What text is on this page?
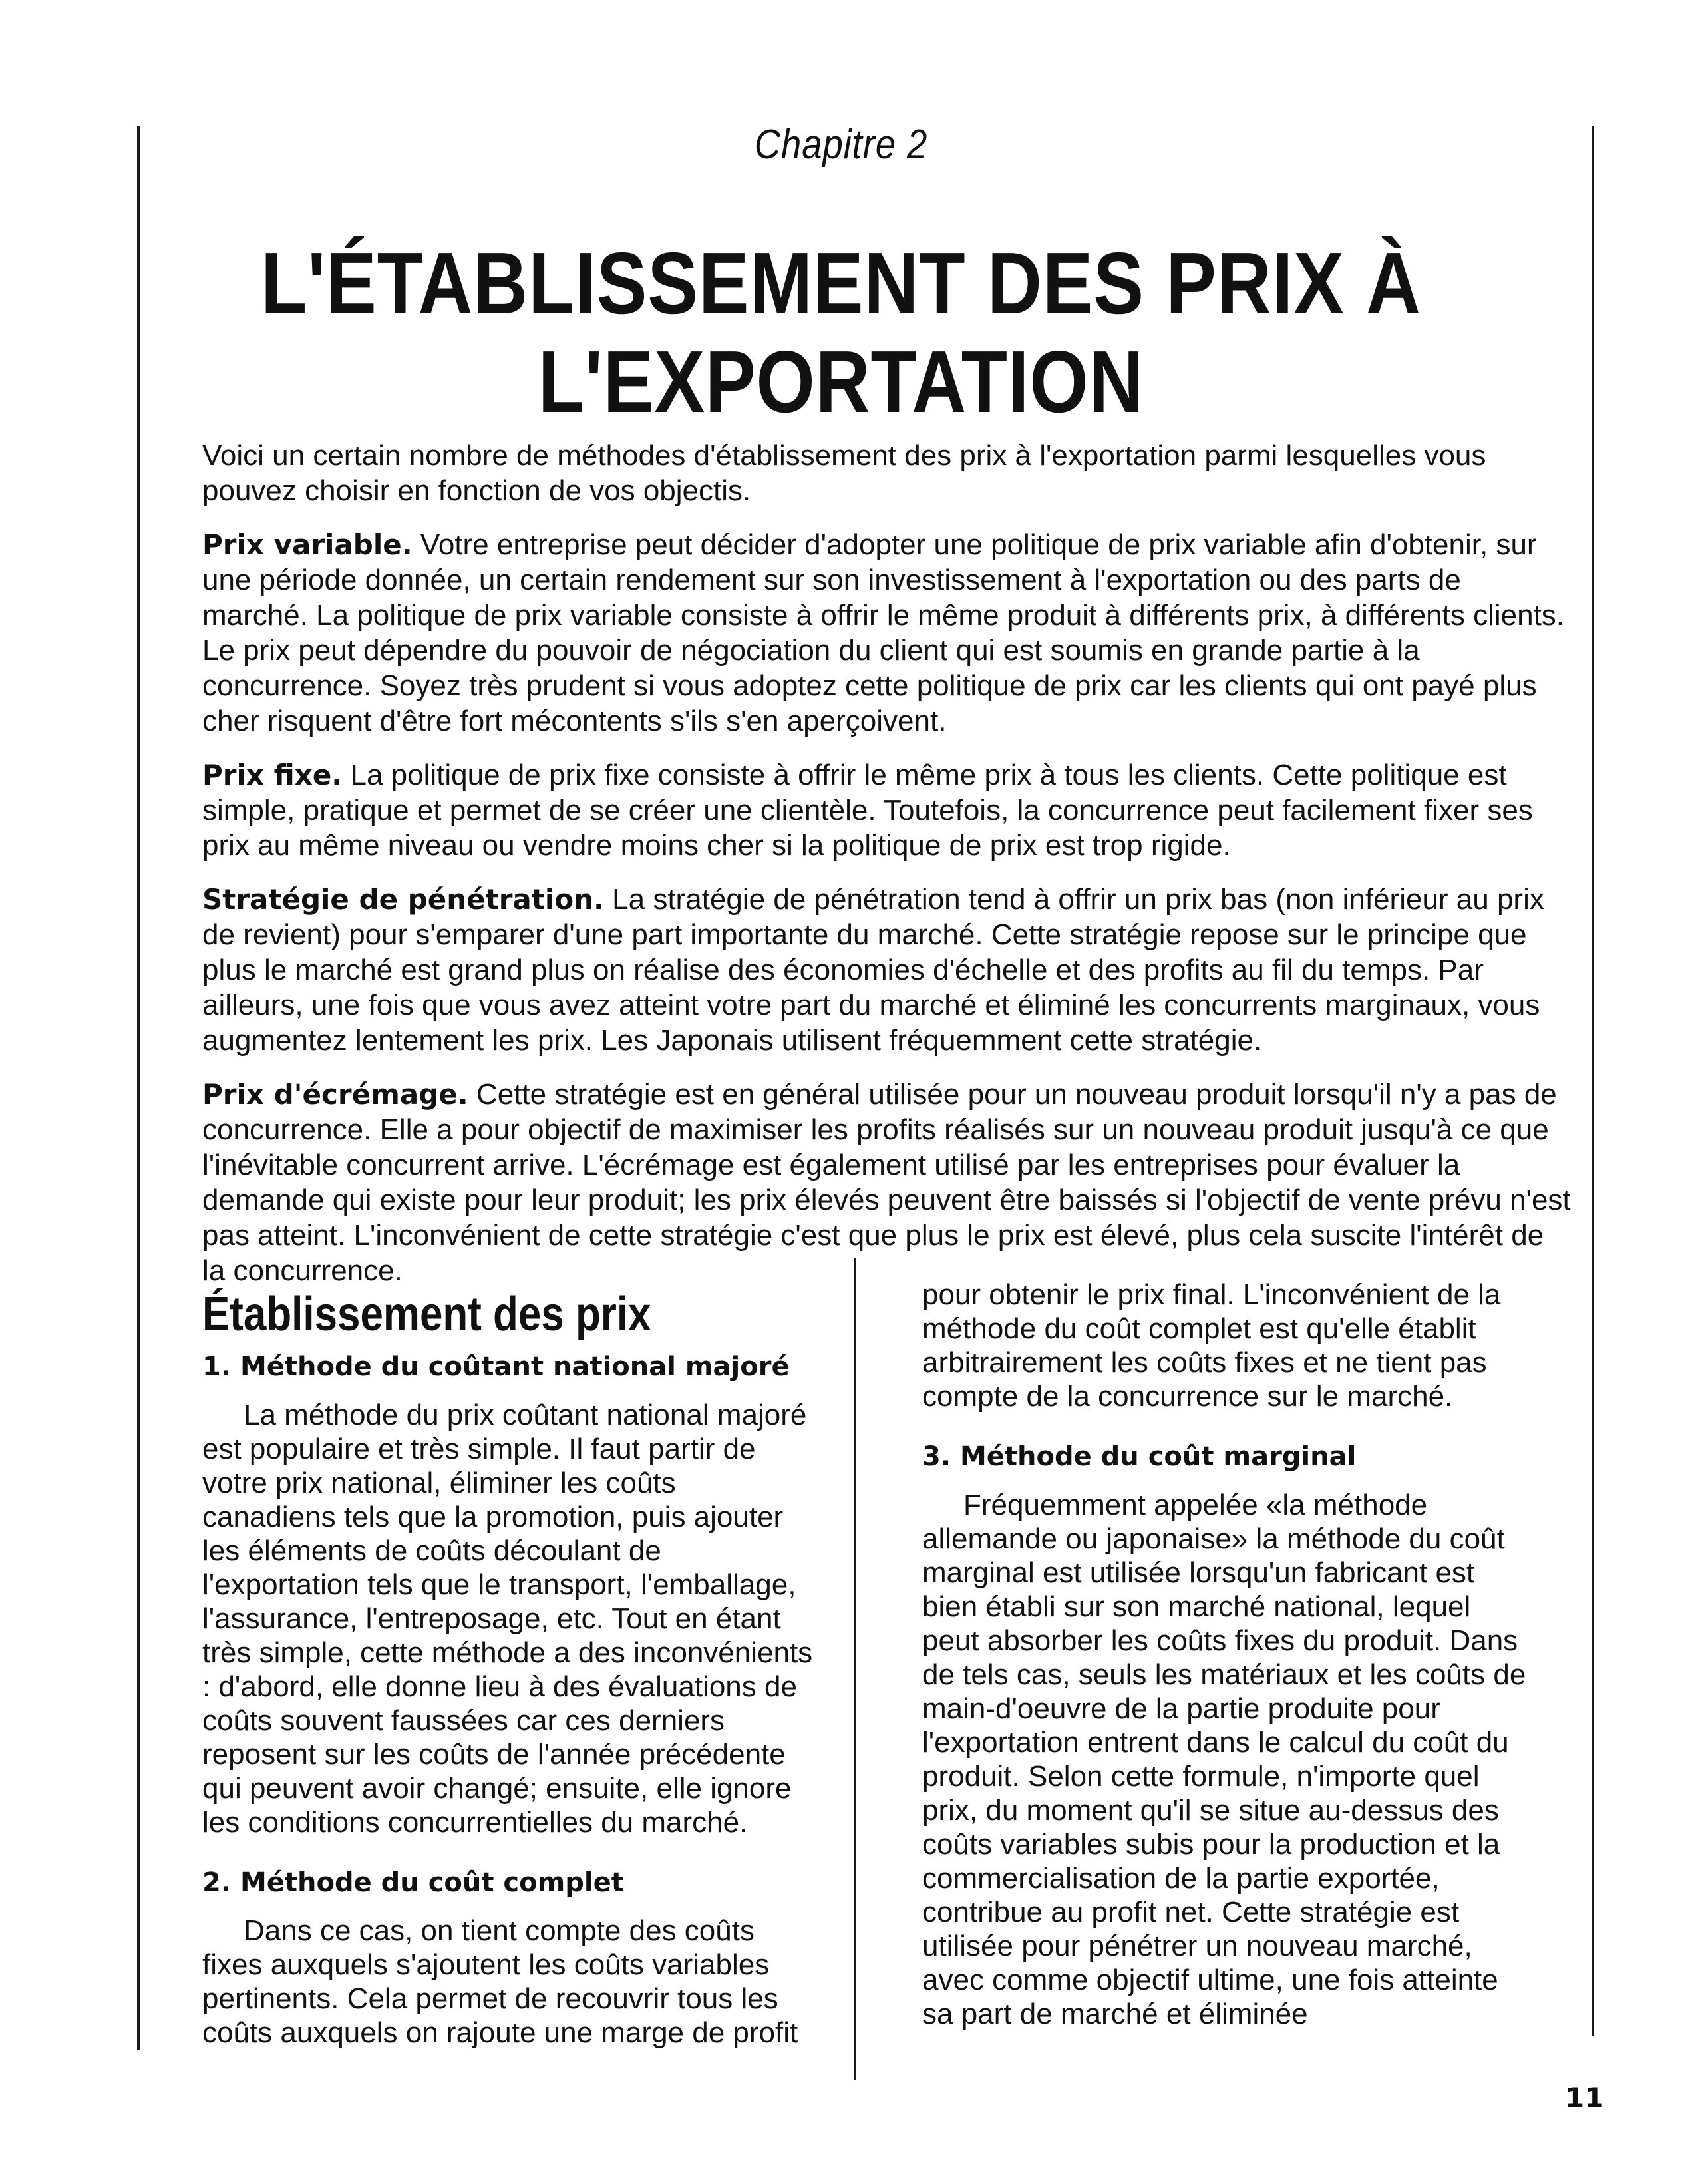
Chapitre 2
L'ÉTABLISSEMENT DES PRIX À
L'EXPORTATION

Voici un certain nombre de méthodes d'établissement des prix à l'exportation parmi lesquelles vous pouvez choisir en fonction de vos objectis.

Prix variable. Votre entreprise peut décider d'adopter une politique de prix variable afin d'obtenir, sur une période donnée, un certain rendement sur son investissement à l'exportation ou des parts de marché. La politique de prix variable consiste à offrir le même produit à différents prix, à différents clients. Le prix peut dépendre du pouvoir de négociation du client qui est soumis en grande partie à la concurrence. Soyez très prudent si vous adoptez cette politique de prix car les clients qui ont payé plus cher risquent d'être fort mécontents s'ils s'en aperçoivent.

Prix fixe. La politique de prix fixe consiste à offrir le même prix à tous les clients. Cette politique est simple, pratique et permet de se créer une clientèle. Toutefois, la concurrence peut facilement fixer ses prix au même niveau ou vendre moins cher si la politique de prix est trop rigide.

Stratégie de pénétration. La stratégie de pénétration tend à offrir un prix bas (non inférieur au prix de revient) pour s'emparer d'une part importante du marché. Cette stratégie repose sur le principe que plus le marché est grand plus on réalise des économies d'échelle et des profits au fil du temps. Par ailleurs, une fois que vous avez atteint votre part du marché et éliminé les concurrents marginaux, vous augmentez lentement les prix. Les Japonais utilisent fréquemment cette stratégie.

Prix d'écrémage. Cette stratégie est en général utilisée pour un nouveau produit lorsqu'il n'y a pas de concurrence. Elle a pour objectif de maximiser les profits réalisés sur un nouveau produit jusqu'à ce que l'inévitable concurrent arrive. L'écrémage est également utilisé par les entreprises pour évaluer la demande qui existe pour leur produit; les prix élevés peuvent être baissés si l'objectif de vente prévu n'est pas atteint. L'inconvénient de cette stratégie c'est que plus le prix est élevé, plus cela suscite l'intérêt de la concurrence.

Établissement des prix
1. Méthode du coûtant national majoré

La méthode du prix coûtant national majoré est populaire et très simple. Il faut partir de votre prix national, éliminer les coûts canadiens tels que la promotion, puis ajouter les éléments de coûts découlant de l'exportation tels que le transport, l'emballage, l'assurance, l'entreposage, etc. Tout en étant très simple, cette méthode a des inconvénients : d'abord, elle donne lieu à des évaluations de coûts souvent faussées car ces derniers reposent sur les coûts de l'année précédente qui peuvent avoir changé; ensuite, elle ignore les conditions concurrentielles du marché.

2. Méthode du coût complet

Dans ce cas, on tient compte des coûts fixes auxquels s'ajoutent les coûts variables pertinents. Cela permet de recouvrir tous les coûts auxquels on rajoute une marge de profit

pour obtenir le prix final. L'inconvénient de la méthode du coût complet est qu'elle établit arbitrairement les coûts fixes et ne tient pas compte de la concurrence sur le marché.

3. Méthode du coût marginal

Fréquemment appelée «la méthode allemande ou japonaise» la méthode du coût marginal est utilisée lorsqu'un fabricant est bien établi sur son marché national, lequel peut absorber les coûts fixes du produit. Dans de tels cas, seuls les matériaux et les coûts de main-d'oeuvre de la partie produite pour l'exportation entrent dans le calcul du coût du produit. Selon cette formule, n'importe quel prix, du moment qu'il se situe au-dessus des coûts variables subis pour la production et la commercialisation de la partie exportée, contribue au profit net. Cette stratégie est utilisée pour pénétrer un nouveau marché, avec comme objectif ultime, une fois atteinte sa part de marché et éliminée

11
